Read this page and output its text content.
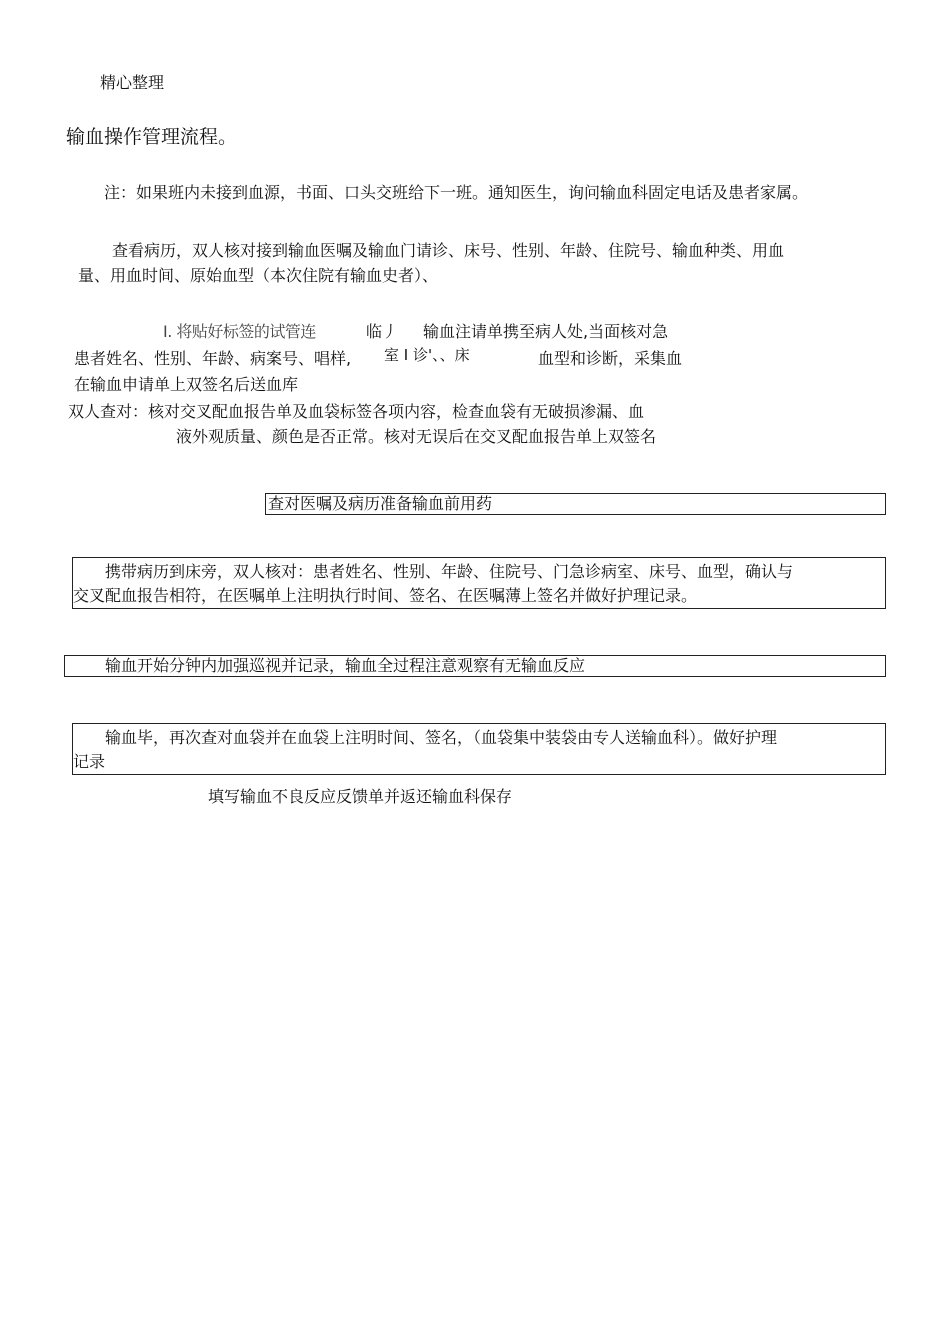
精心整理
输血操作管理流程。
注：如果班内未接到血源，书面、口头交班给下一班。通知医生，询问输血科固定电话及患者家属。
查看病历，双人核对接到输血医嘱及输血门请诊、床号、性别、年龄、住院号、输血种类、用血
量、用血时间、原始血型（本次住院有输血史者）、
I. 将贴好标签的试管连	临丿 输血注请单携至病人处,当面核对急
患者姓名、性别、年龄、病案号、唱样, 室 I 诊'、、床	血型和诊断，采集血
在输血申请单上双签名后送血库
双人查对：核对交叉配血报告单及血袋标签各项内容，检查血袋有无破损渗漏、血
液外观质量、颜色是否正常。核对无误后在交叉配血报告单上双签名
查对医嘱及病历准备输血前用药
携带病历到床旁，双人核对：患者姓名、性别、年龄、住院号、门急诊病室、床号、血型，确认与
交叉配血报告相符，在医嘱单上注明执行时间、签名、在医嘱薄上签名并做好护理记录。
输血开始分钟内加强巡视并记录，输血全过程注意观察有无输血反应
输血毕，再次查对血袋并在血袋上注明时间、签名，（血袋集中装袋由专人送输血科）。做好护理
记录
填写输血不良反应反馈单并返还输血科保存
